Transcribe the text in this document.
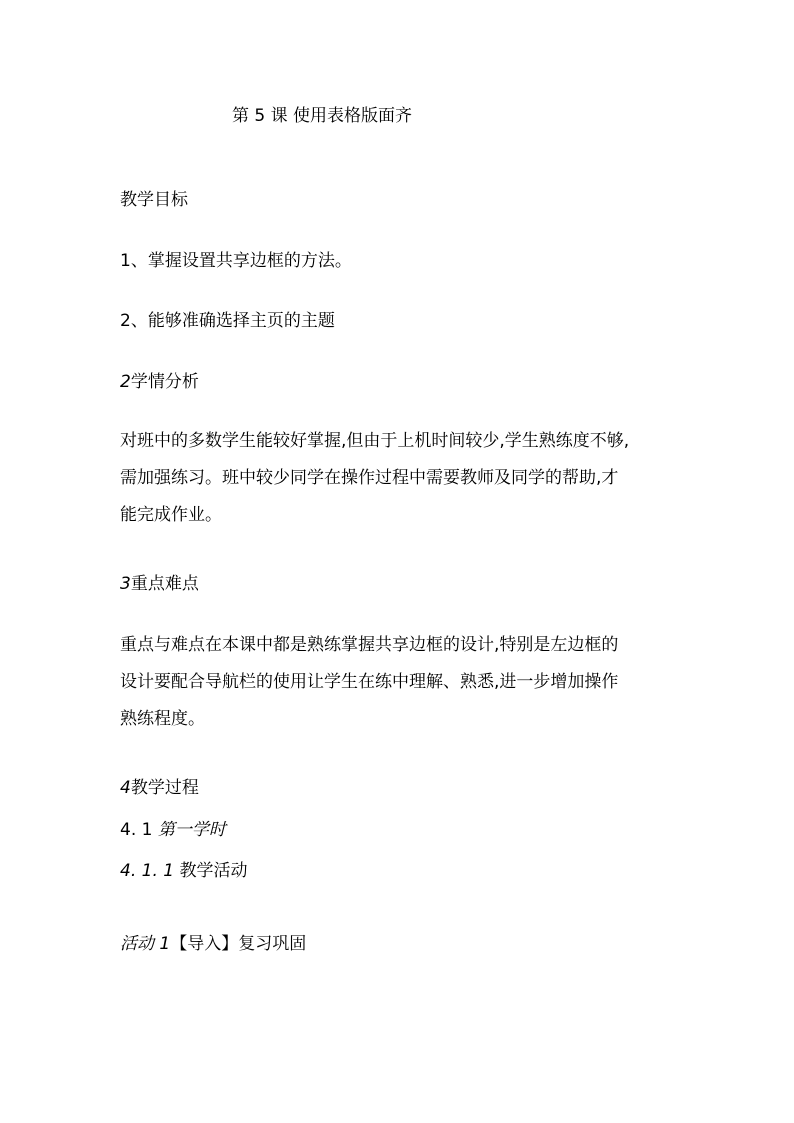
第 5 课 使用表格版面齐
教学目标
1、掌握设置共享边框的方法。
2、能够准确选择主页的主题
2学情分析
对班中的多数学生能较好掌握,但由于上机时间较少,学生熟练度不够,
需加强练习。班中较少同学在操作过程中需要教师及同学的帮助,才
能完成作业。
3重点难点
重点与难点在本课中都是熟练掌握共享边框的设计,特别是左边框的
设计要配合导航栏的使用让学生在练中理解、熟悉,进一步增加操作
熟练程度。
4教学过程
4. 1 第一学时
4. 1. 1 教学活动
活动 1【导入】复习巩固
